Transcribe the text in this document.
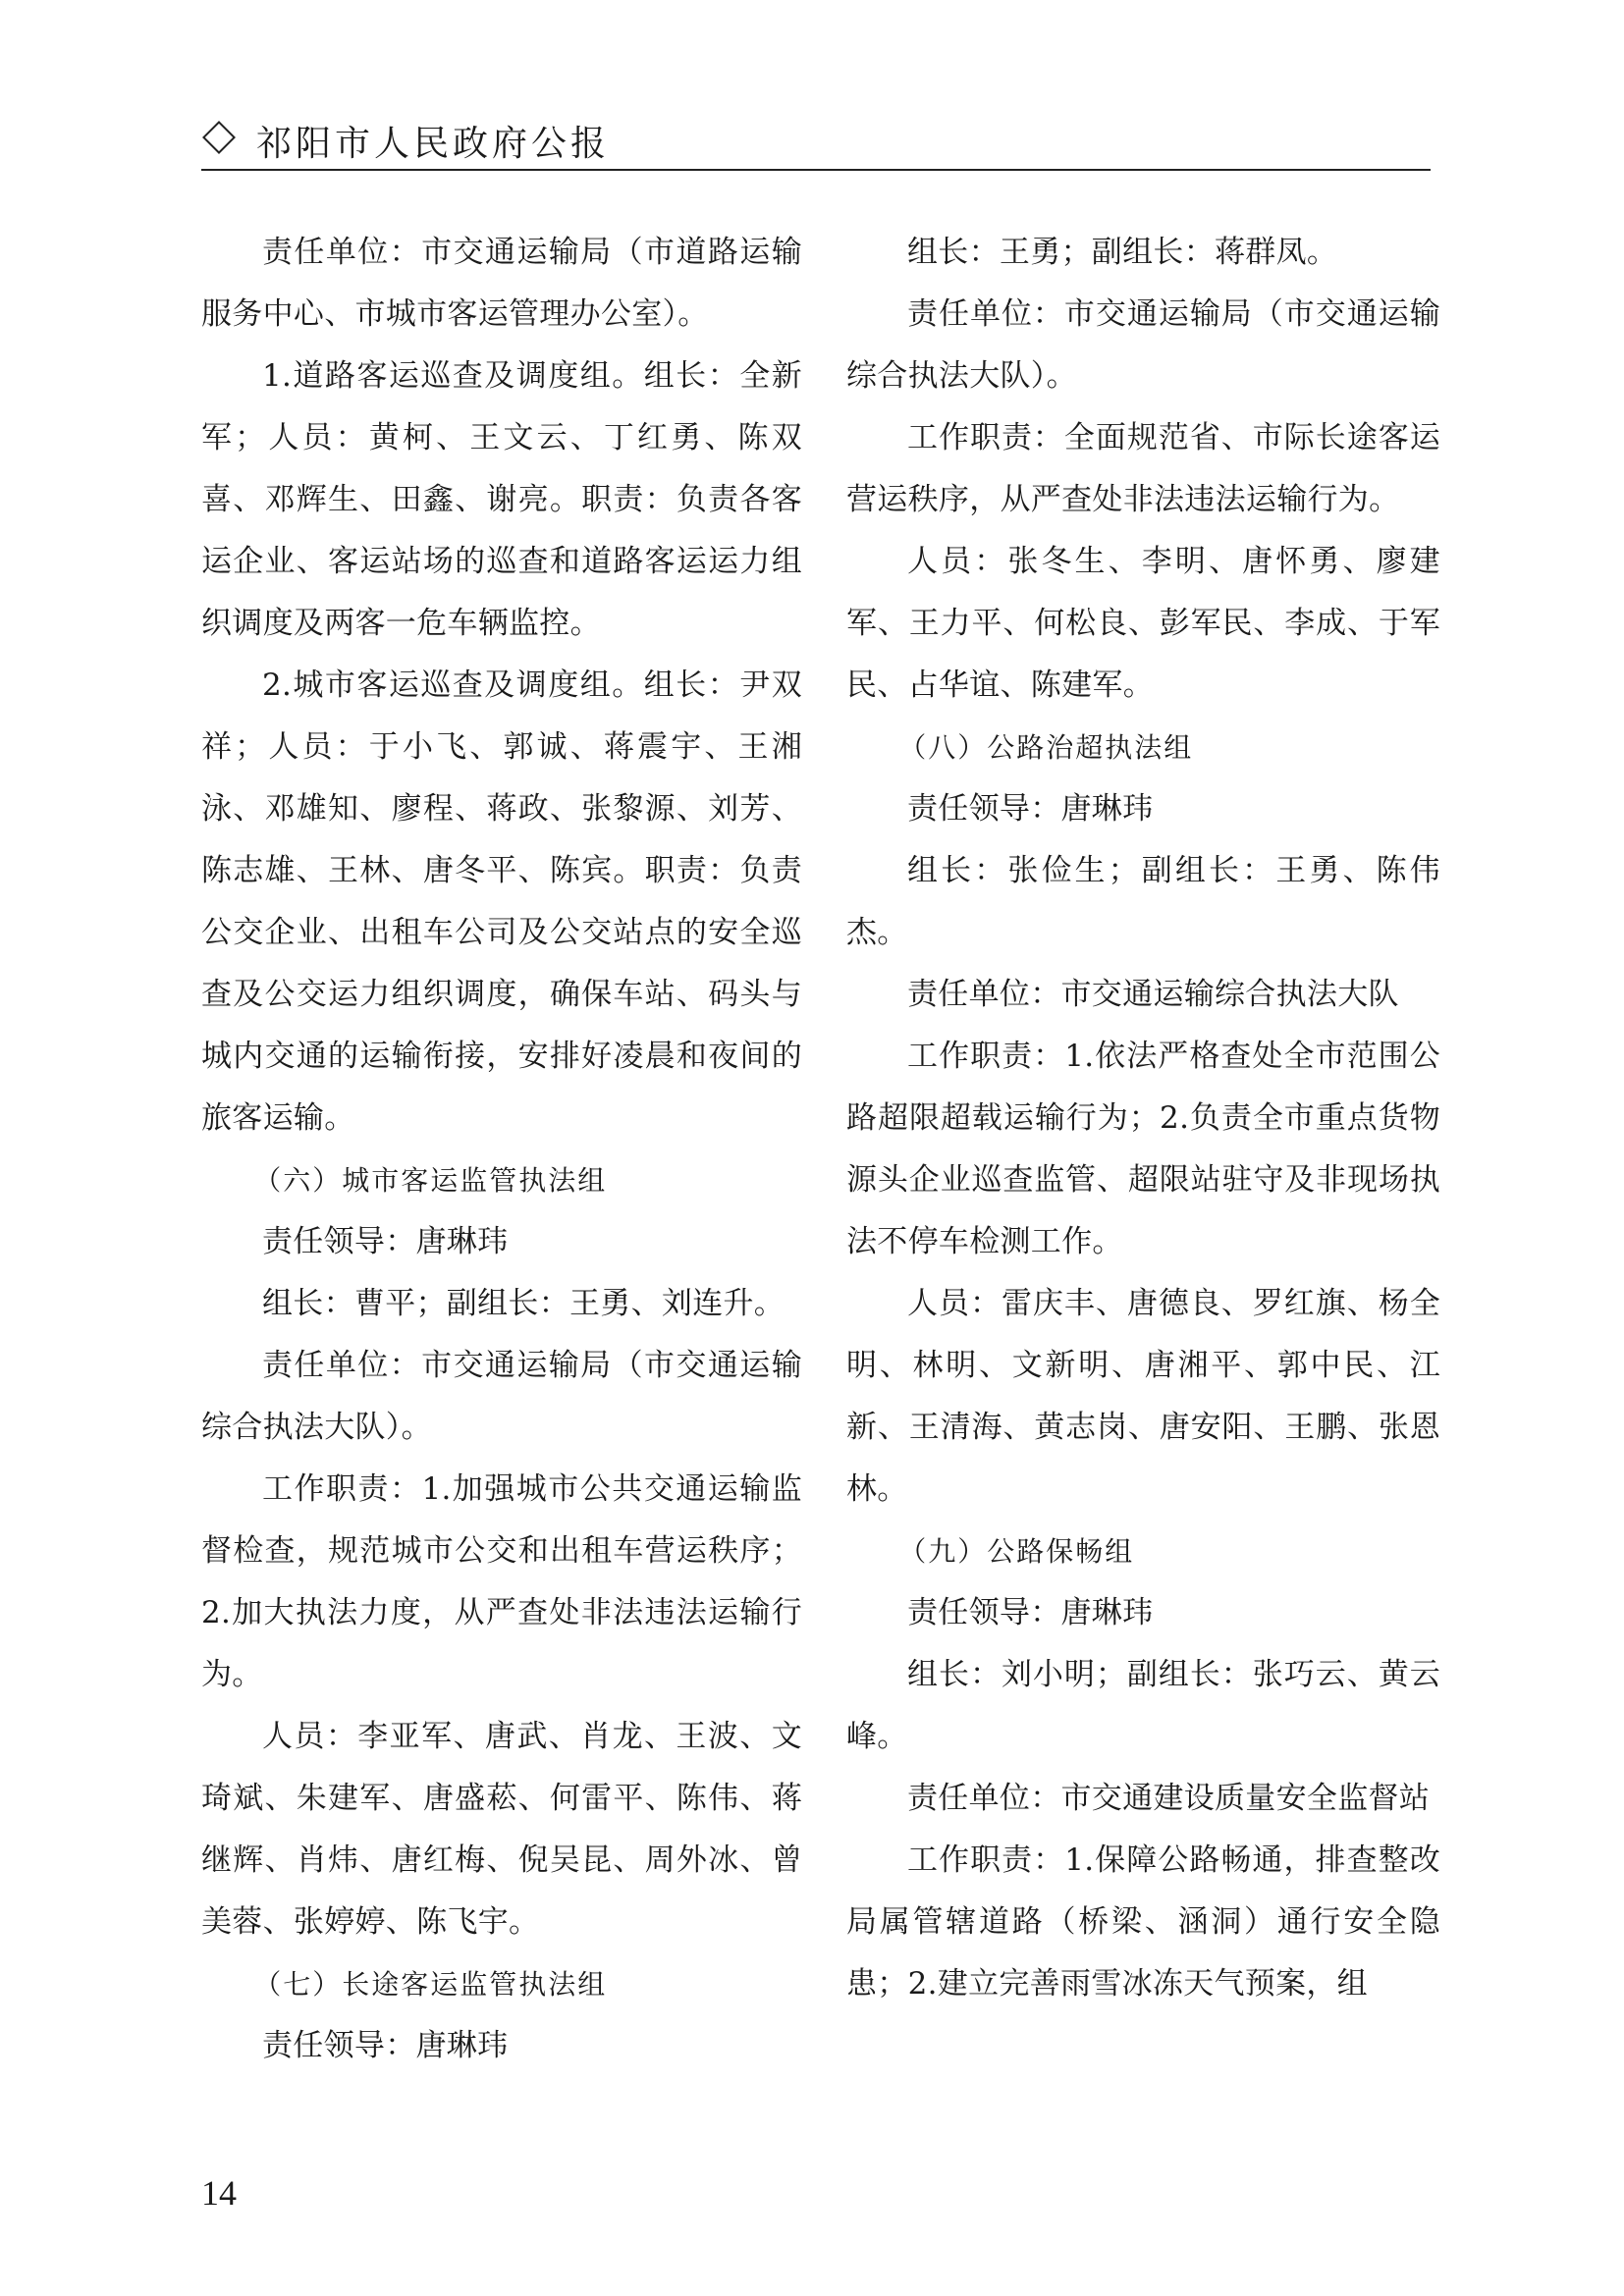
祁阳市人民政府公报

责任单位：市交通运输局（市道路运输服务中心、市城市客运管理办公室）。

1.道路客运巡查及调度组。组长：全新军；人员：黄柯、王文云、丁红勇、陈双喜、邓辉生、田鑫、谢亮。职责：负责各客运企业、客运站场的巡查和道路客运运力组织调度及两客一危车辆监控。

2.城市客运巡查及调度组。组长：尹双祥；人员：于小飞、郭诚、蒋震宇、王湘泳、邓雄知、廖程、蒋政、张黎源、刘芳、陈志雄、王林、唐冬平、陈宾。职责：负责公交企业、出租车公司及公交站点的安全巡查及公交运力组织调度，确保车站、码头与城内交通的运输衔接，安排好凌晨和夜间的旅客运输。

（六）城市客运监管执法组

责任领导：唐琳玮

组长：曹平；副组长：王勇、刘连升。

责任单位：市交通运输局（市交通运输综合执法大队）。

工作职责：1.加强城市公共交通运输监督检查，规范城市公交和出租车营运秩序；2.加大执法力度，从严查处非法违法运输行为。

人员：李亚军、唐武、肖龙、王波、文琦斌、朱建军、唐盛菘、何雷平、陈伟、蒋继辉、肖炜、唐红梅、倪吴昆、周外冰、曾美蓉、张婷婷、陈飞宇。

（七）长途客运监管执法组

责任领导：唐琳玮

组长：王勇；副组长：蒋群凤。

责任单位：市交通运输局（市交通运输综合执法大队）。

工作职责：全面规范省、市际长途客运营运秩序，从严查处非法违法运输行为。

人员：张冬生、李明、唐怀勇、廖建军、王力平、何松良、彭军民、李成、于军民、占华谊、陈建军。

（八）公路治超执法组

责任领导：唐琳玮

组长：张俭生；副组长：王勇、陈伟杰。

责任单位：市交通运输综合执法大队

工作职责：1.依法严格查处全市范围公路超限超载运输行为；2.负责全市重点货物源头企业巡查监管、超限站驻守及非现场执法不停车检测工作。

人员：雷庆丰、唐德良、罗红旗、杨全明、林明、文新明、唐湘平、郭中民、江新、王清海、黄志岗、唐安阳、王鹏、张恩林。

（九）公路保畅组

责任领导：唐琳玮

组长：刘小明；副组长：张巧云、黄云峰。

责任单位：市交通建设质量安全监督站

工作职责：1.保障公路畅通，排查整改局属管辖道路（桥梁、涵洞）通行安全隐患；2.建立完善雨雪冰冻天气预案，组

14
